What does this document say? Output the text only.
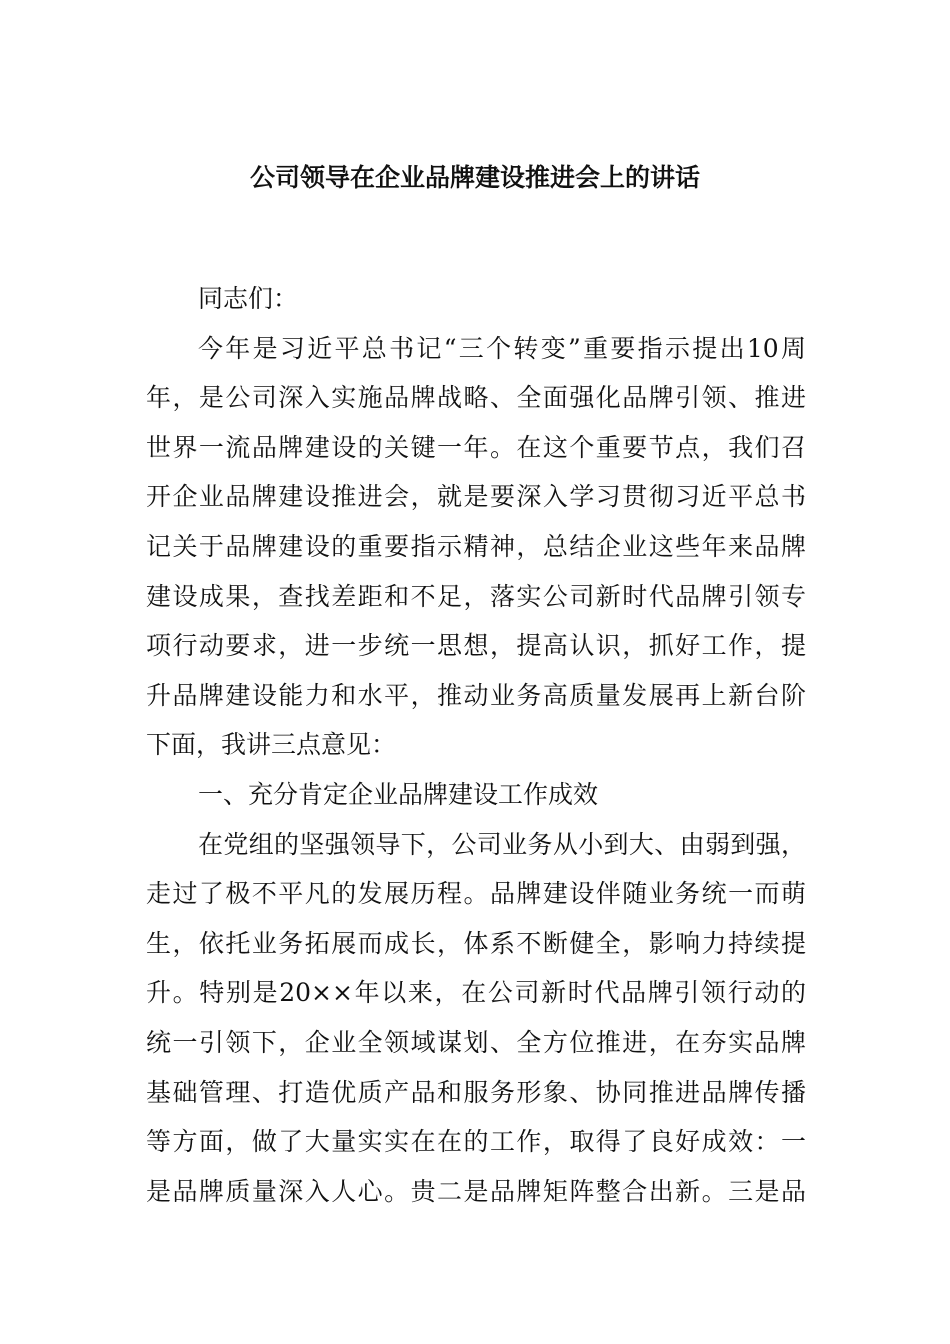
公司领导在企业品牌建设推进会上的讲话
同志们：
今年是习近平总书记“三个转变”重要指示提出10周
年，是公司深入实施品牌战略、全面强化品牌引领、推进
世界一流品牌建设的关键一年。在这个重要节点，我们召
开企业品牌建设推进会，就是要深入学习贯彻习近平总书
记关于品牌建设的重要指示精神，总结企业这些年来品牌
建设成果，查找差距和不足，落实公司新时代品牌引领专
项行动要求，进一步统一思想，提高认识，抓好工作，提
升品牌建设能力和水平，推动业务高质量发展再上新台阶
下面，我讲三点意见：
一、充分肯定企业品牌建设工作成效
在党组的坚强领导下，公司业务从小到大、由弱到强，
走过了极不平凡的发展历程。品牌建设伴随业务统一而萌
生，依托业务拓展而成长，体系不断健全，影响力持续提
升。特别是20××年以来，在公司新时代品牌引领行动的
统一引领下，企业全领域谋划、全方位推进，在夯实品牌
基础管理、打造优质产品和服务形象、协同推进品牌传播
等方面，做了大量实实在在的工作，取得了良好成效：一
是品牌质量深入人心。贵二是品牌矩阵整合出新。三是品
